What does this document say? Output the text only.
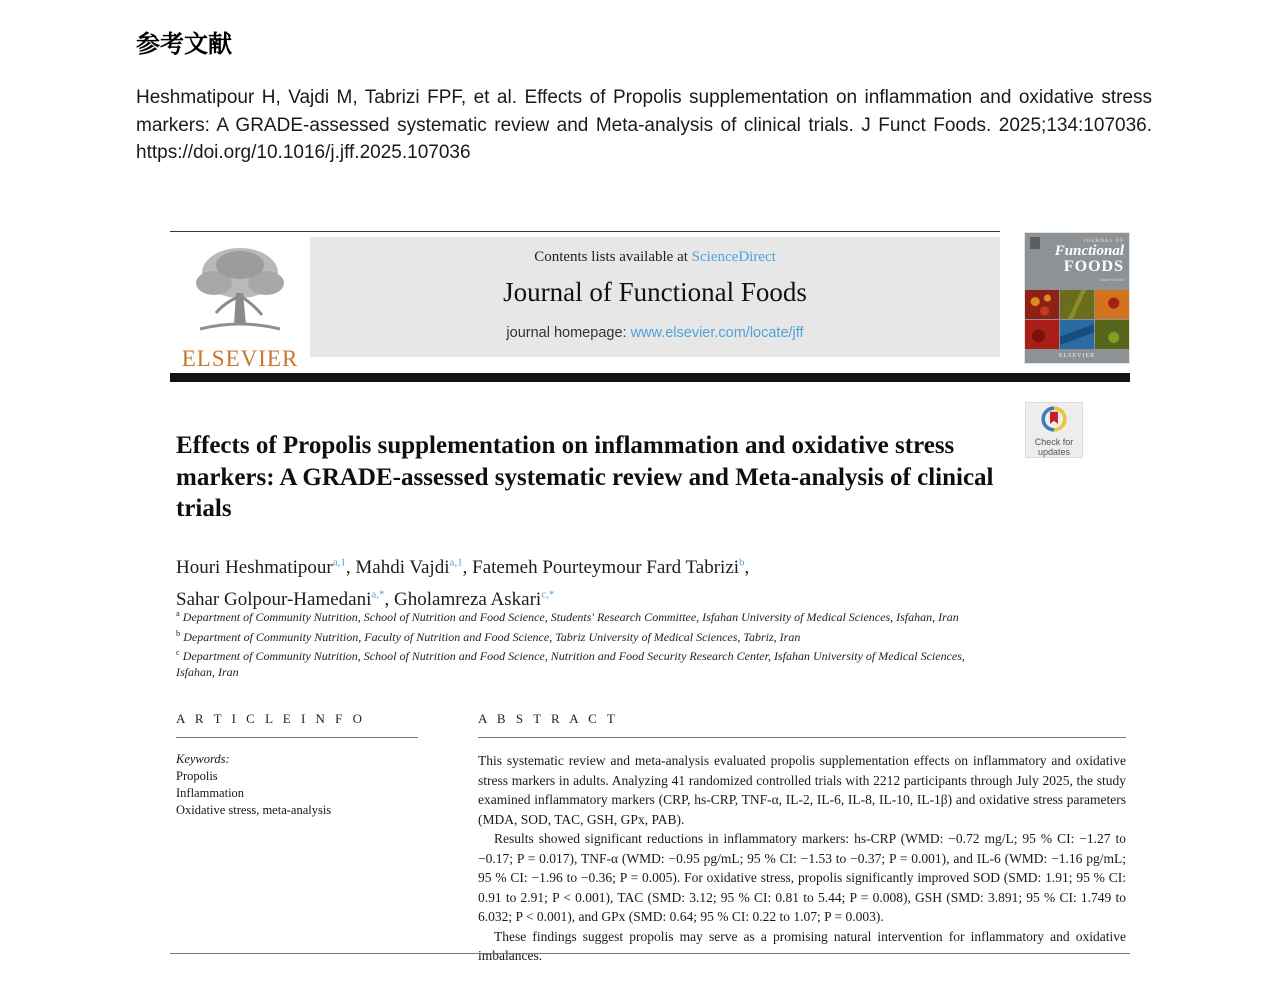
参考文献

Heshmatipour H, Vajdi M, Tabrizi FPF, et al. Effects of Propolis supplementation on inflammation and oxidative stress markers: A GRADE-assessed systematic review and Meta-analysis of clinical trials. J Funct Foods. 2025;134:107036. https://doi.org/10.1016/j.jff.2025.107036

ELSEVIER
Contents lists available at ScienceDirect
Journal of Functional Foods
journal homepage: www.elsevier.com/locate/jff
JOURNAL OF
Functional
FOODS
Editor-in-Chief
ELSEVIER
Check for
updates
Effects of Propolis supplementation on inflammation and oxidative stress markers: A GRADE-assessed systematic review and Meta-analysis of clinical trials

Houri Heshmatipour$^{a,1}$, Mahdi Vajdi$^{a,1}$, Fatemeh Pourteymour Fard Tabrizi$^b$,
Sahar Golpour-Hamedani$^{a,*}$, Gholamreza Askari$^{c,*}$

$^a$ Department of Community Nutrition, School of Nutrition and Food Science, Students' Research Committee, Isfahan University of Medical Sciences, Isfahan, Iran

$^b$ Department of Community Nutrition, Faculty of Nutrition and Food Science, Tabriz University of Medical Sciences, Tabriz, Iran

$^c$ Department of Community Nutrition, School of Nutrition and Food Science, Nutrition and Food Security Research Center, Isfahan University of Medical Sciences, Isfahan, Iran

A R T I C L E I N F O

Keywords:

Propolis

Inflammation

Oxidative stress, meta-analysis

A B S T R A C T

This systematic review and meta-analysis evaluated propolis supplementation effects on inflammatory and oxidative stress markers in adults. Analyzing 41 randomized controlled trials with 2212 participants through July 2025, the study examined inflammatory markers (CRP, hs-CRP, TNF-α, IL-2, IL-6, IL-8, IL-10, IL-1β) and oxidative stress parameters (MDA, SOD, TAC, GSH, GPx, PAB).

Results showed significant reductions in inflammatory markers: hs-CRP (WMD: −0.72 mg/L; 95 % CI: −1.27 to −0.17; P = 0.017), TNF-α (WMD: −0.95 pg/mL; 95 % CI: −1.53 to −0.37; P = 0.001), and IL-6 (WMD: −1.16 pg/mL; 95 % CI: −1.96 to −0.36; P = 0.005). For oxidative stress, propolis significantly improved SOD (SMD: 1.91; 95 % CI: 0.91 to 2.91; P < 0.001), TAC (SMD: 3.12; 95 % CI: 0.81 to 5.44; P = 0.008), GSH (SMD: 3.891; 95 % CI: 1.749 to 6.032; P < 0.001), and GPx (SMD: 0.64; 95 % CI: 0.22 to 1.07; P = 0.003).

These findings suggest propolis may serve as a promising natural intervention for inflammatory and oxidative imbalances.
